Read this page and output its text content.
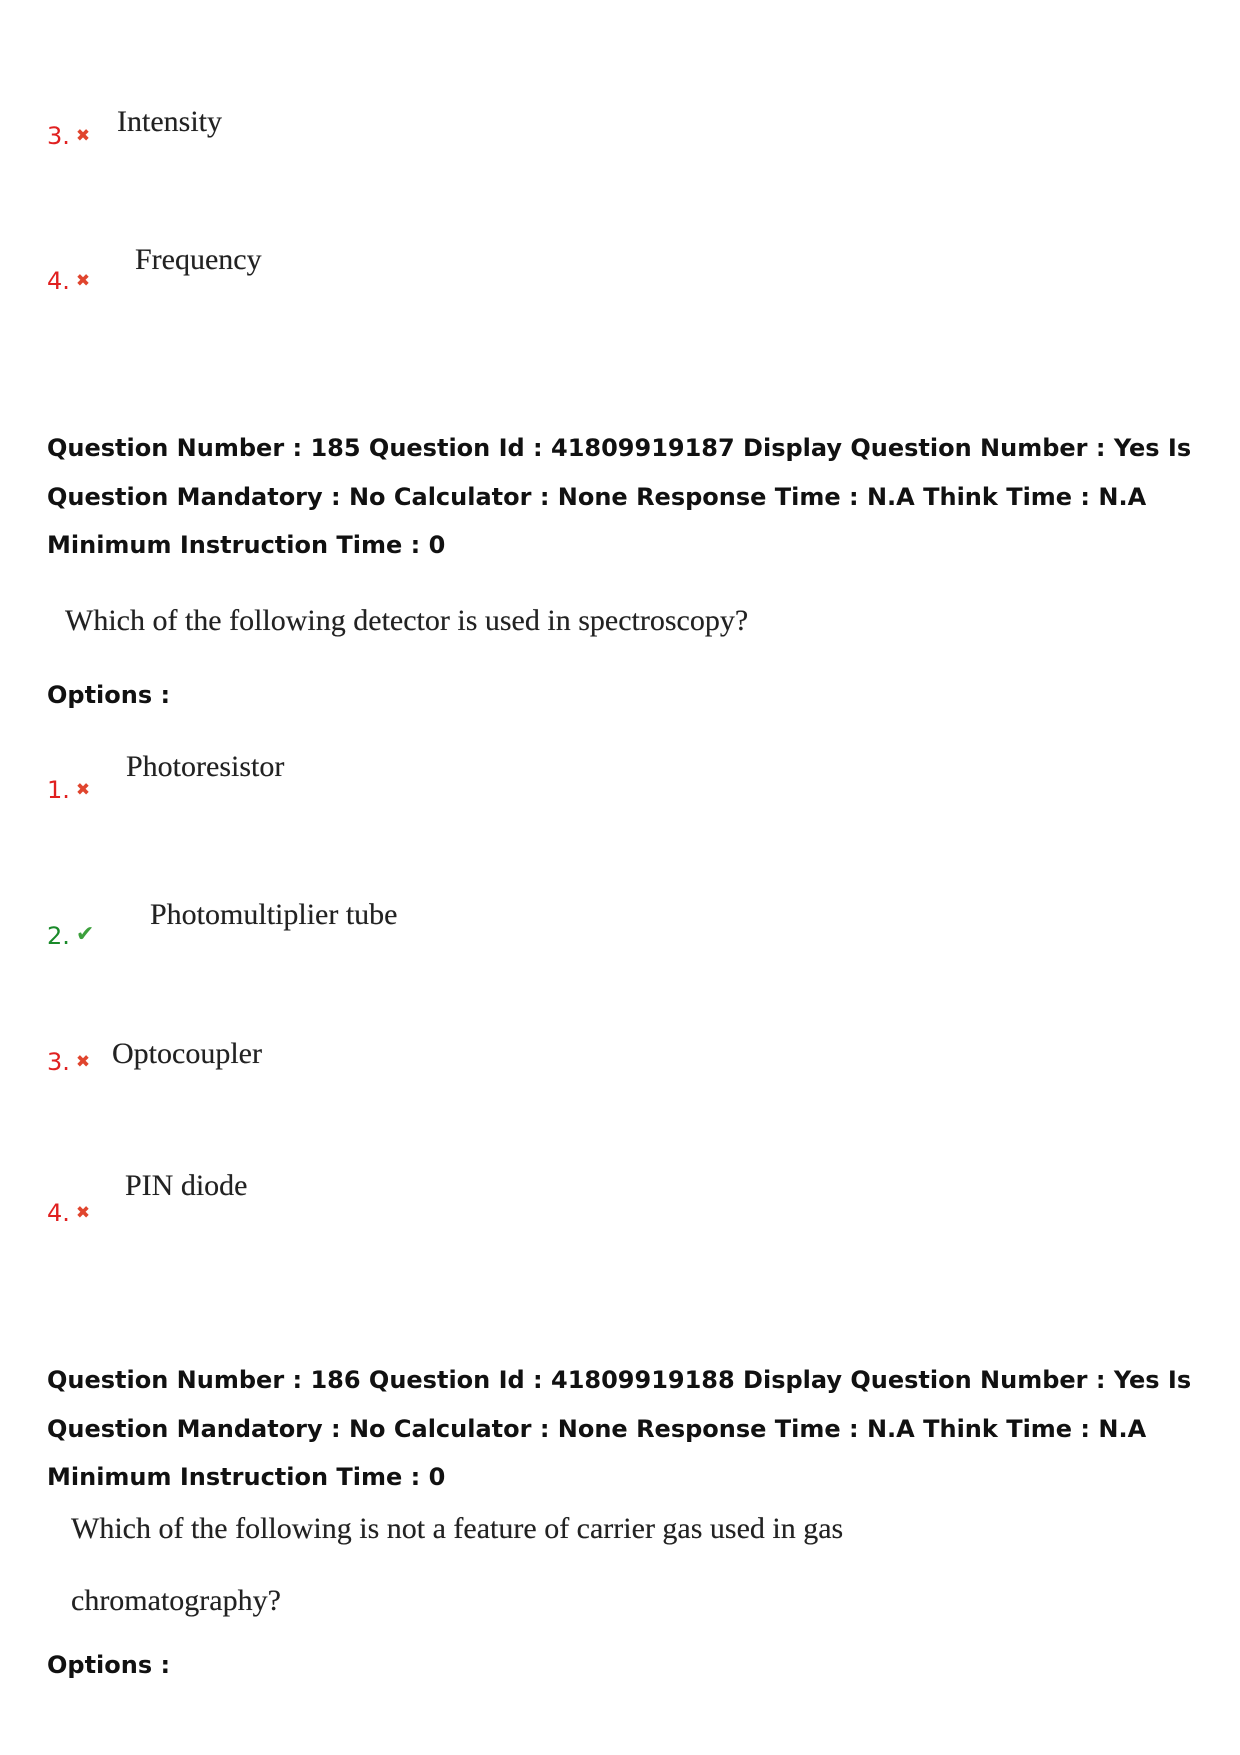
3. ✖ Intensity
4. ✖
Frequency
Question Number : 185 Question Id : 41809919187 Display Question Number : Yes Is Question Mandatory : No Calculator : None Response Time : N.A Think Time : N.A Minimum Instruction Time : 0
Which of the following detector is used in spectroscopy?
Options :
1. ✖
Photoresistor
2. ✔
Photomultiplier tube
3. ✖ Optocoupler
4. ✖
PIN diode
Question Number : 186 Question Id : 41809919188 Display Question Number : Yes Is Question Mandatory : No Calculator : None Response Time : N.A Think Time : N.A Minimum Instruction Time : 0
Which of the following is not a feature of carrier gas used in gas
chromatography?
Options :
